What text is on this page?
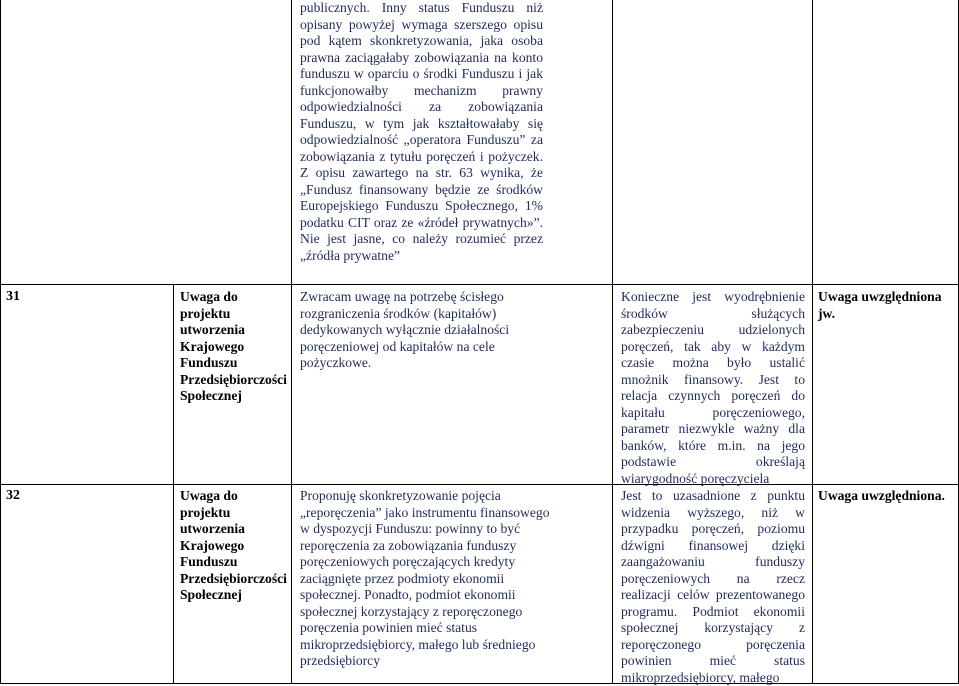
publicznych. Inny status Funduszu niż opisany powyżej wymaga szerszego opisu pod kątem skonkretyzowania, jaka osoba prawna zaciągałaby zobowiązania na konto funduszu w oparciu o środki Funduszu i jak funkcjonowałby mechanizm prawny odpowiedzialności za zobowiązania Funduszu, w tym jak kształtowałaby się odpowiedzialność „operatora Funduszu” za zobowiązania z tytułu poręczeń i pożyczek. Z opisu zawartego na str. 63 wynika, że „Fundusz finansowany będzie ze środków Europejskiego Funduszu Społecznego, 1% podatku CIT oraz ze «źródeł prywatnych»”. Nie jest jasne, co należy rozumieć przez „źródła prywatne”
31	Uwaga do projektu utworzenia Krajowego Funduszu Przedsiębiorczości Społecznej
Zwracam uwagę na potrzebę ścisłego rozgraniczenia środków (kapitałów) dedykowanych wyłącznie działalności poręczeniowej od kapitałów na cele pożyczkowe.
Konieczne jest wyodrębnienie środków służących zabezpieczeniu udzielonych poręczeń, tak aby w każdym czasie można było ustalić mnożnik finansowy. Jest to relacja czynnych poręczeń do kapitału poręczeniowego, parametr niezwykle ważny dla banków, które m.in. na jego podstawie określają wiarygodność poręczyciela
Uwaga uwzględniona jw.
32	Uwaga do projektu utworzenia Krajowego Funduszu Przedsiębiorczości Społecznej
Proponuję skonkretyzowanie pojęcia „reporęczenia” jako instrumentu finansowego w dyspozycji Funduszu: powinny to być reporęczenia za zobowiązania funduszy poręczeniowych poręczających kredyty zaciągnięte przez podmioty ekonomii społecznej. Ponadto, podmiot ekonomii społecznej korzystający z reporęczonego poręczenia powinien mieć status mikroprzedsiębiorcy, małego lub średniego przedsiębiorcy
Jest to uzasadnione z punktu widzenia wyższego, niż w przypadku poręczeń, poziomu dźwigni finansowej dzięki zaangażowaniu funduszy poręczeniowych na rzecz realizacji celów prezentowanego programu. Podmiot ekonomii społecznej korzystający z reporęczonego poręczenia powinien mieć status mikroprzedsiębiorcy, małego
Uwaga uwzględniona.
